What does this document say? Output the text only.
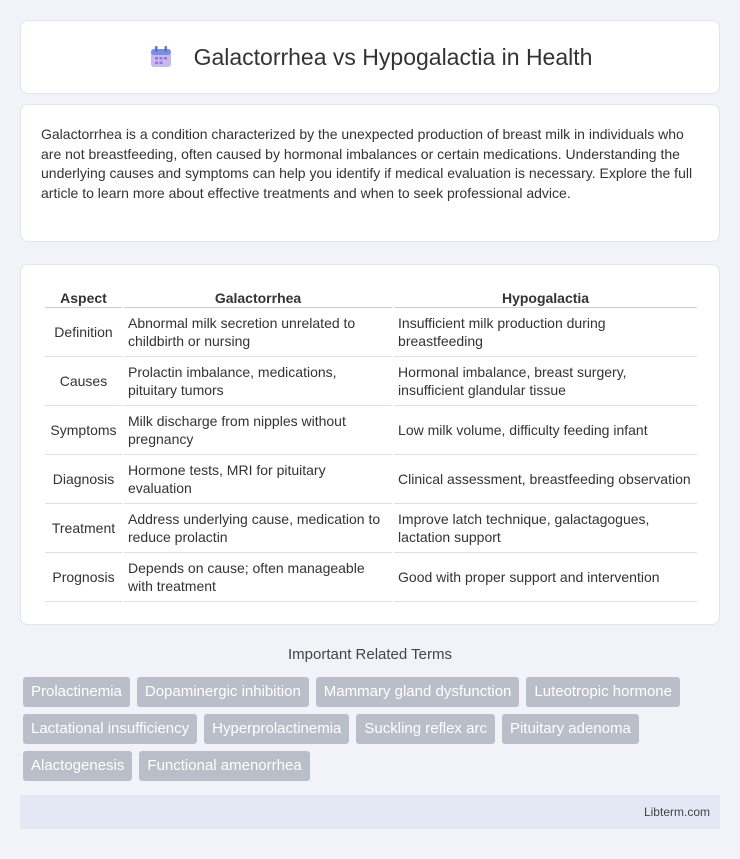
Galactorrhea vs Hypogalactia in Health

Galactorrhea is a condition characterized by the unexpected production of breast milk in individuals who are not breastfeeding, often caused by hormonal imbalances or certain medications. Understanding the underlying causes and symptoms can help you identify if medical evaluation is necessary. Explore the full article to learn more about effective treatments and when to seek professional advice.

Aspect	Galactorrhea	Hypogalactia
Definition	Abnormal milk secretion unrelated to childbirth or nursing	Insufficient milk production during breastfeeding
Causes	Prolactin imbalance, medications, pituitary tumors	Hormonal imbalance, breast surgery, insufficient glandular tissue
Symptoms	Milk discharge from nipples without pregnancy	Low milk volume, difficulty feeding infant
Diagnosis	Hormone tests, MRI for pituitary evaluation	Clinical assessment, breastfeeding observation
Treatment	Address underlying cause, medication to reduce prolactin	Improve latch technique, galactagogues, lactation support
Prognosis	Depends on cause; often manageable with treatment	Good with proper support and intervention
Important Related Terms
Prolactinemia	Dopaminergic inhibition	Mammary gland dysfunction	Luteotropic hormone
Lactational insufficiency	Hyperprolactinemia	Suckling reflex arc	Pituitary adenoma
Alactogenesis	Functional amenorrhea
Libterm.com
